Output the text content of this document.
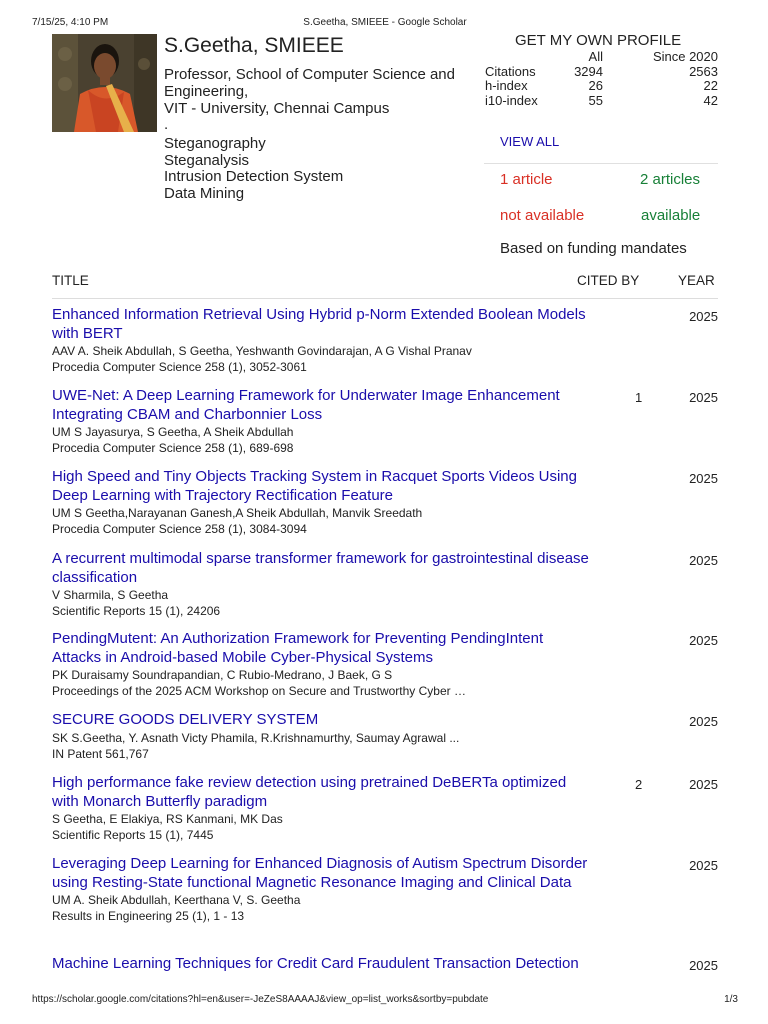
7/15/25, 4:10 PM	S.Geetha, SMIEEE - Google Scholar
S.Geetha, SMIEEE
Professor, School of Computer Science and Engineering,
VIT - University, Chennai Campus
.
Steganography
Steganalysis
Intrusion Detection System
Data Mining
GET MY OWN PROFILE
All	Since 2020
Citations	3294	2563
h-index	26	22
i10-index	55	42
VIEW ALL
1 article	2 articles
not available	available
Based on funding mandates
TITLE	CITED BY	YEAR
Enhanced Information Retrieval Using Hybrid p-Norm Extended Boolean Models with BERT
AAV A. Sheik Abdullah, S Geetha, Yeshwanth Govindarajan, A G Vishal Pranav
Procedia Computer Science 258 (1), 3052-3061
2025
UWE-Net: A Deep Learning Framework for Underwater Image Enhancement Integrating CBAM and Charbonnier Loss
UM S Jayasurya, S Geetha, A Sheik Abdullah
Procedia Computer Science 258 (1), 689-698
1	2025
High Speed and Tiny Objects Tracking System in Racquet Sports Videos Using Deep Learning with Trajectory Rectification Feature
UM S Geetha,Narayanan Ganesh,A Sheik Abdullah, Manvik Sreedath
Procedia Computer Science 258 (1), 3084-3094
2025
A recurrent multimodal sparse transformer framework for gastrointestinal disease classification
V Sharmila, S Geetha
Scientific Reports 15 (1), 24206
2025
PendingMutent: An Authorization Framework for Preventing PendingIntent Attacks in Android-based Mobile Cyber-Physical Systems
PK Duraisamy Soundrapandian, C Rubio-Medrano, J Baek, G S
Proceedings of the 2025 ACM Workshop on Secure and Trustworthy Cyber …
2025
SECURE GOODS DELIVERY SYSTEM
SK S.Geetha, Y. Asnath Victy Phamila, R.Krishnamurthy, Saumay Agrawal ...
IN Patent 561,767
2025
High performance fake review detection using pretrained DeBERTa optimized with Monarch Butterfly paradigm
S Geetha, E Elakiya, RS Kanmani, MK Das
Scientific Reports 15 (1), 7445
2	2025
Leveraging Deep Learning for Enhanced Diagnosis of Autism Spectrum Disorder using Resting-State functional Magnetic Resonance Imaging and Clinical Data
UM A. Sheik Abdullah, Keerthana V, S. Geetha
Results in Engineering 25 (1), 1 - 13
2025
Machine Learning Techniques for Credit Card Fraudulent Transaction Detection	2025
https://scholar.google.com/citations?hl=en&user=-JeZeS8AAAAJ&view_op=list_works&sortby=pubdate	1/3
